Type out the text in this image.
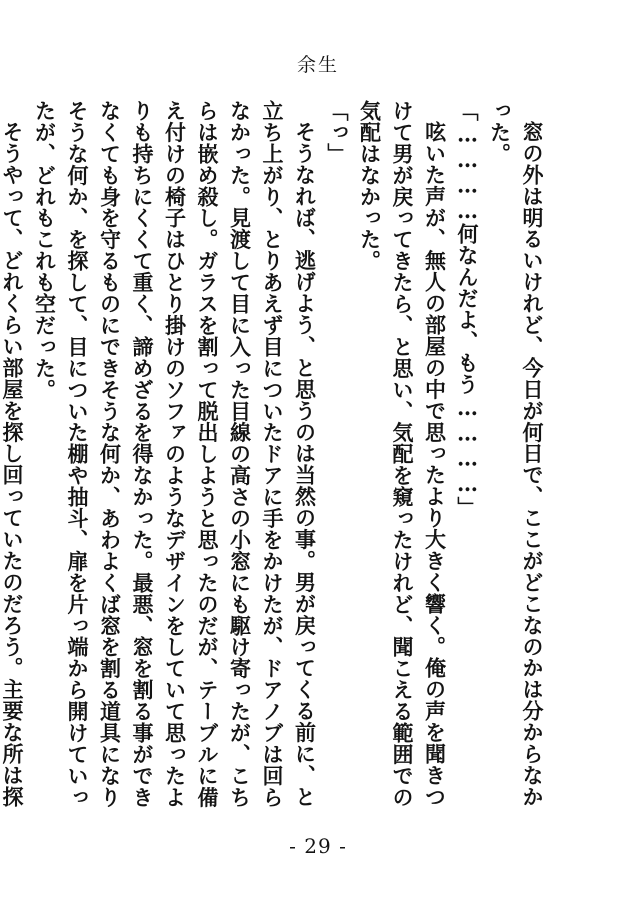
余生

窓の外は明るいけれど、今日が何日で、ここがどこなのかは分からなかった。

「…………何なんだよ、もう…………」

呟いた声が、無人の部屋の中で思ったより大きく響く。俺の声を聞きつけて男が戻ってきたら、と思い、気配を窺ったけれど、聞こえる範囲での気配はなかった。

「っ」

そうなれば、逃げよう、と思うのは当然の事。男が戻ってくる前に、と立ち上がり、とりあえず目についたドアに手をかけたが、ドアノブは回らなかった。見渡して目に入った目線の高さの小窓にも駆け寄ったが、こちらは嵌め殺し。ガラスを割って脱出しようと思ったのだが、テーブルに備え付けの椅子はひとり掛けのソファのようなデザインをしていて思ったよりも持ちにくくて重く、諦めざるを得なかった。最悪、窓を割る事ができなくても身を守るものにできそうな何か、あわよくば窓を割る道具になりそうな何か、を探して、目についた棚や抽斗、扉を片っ端から開けていったが、どれもこれも空だった。

そうやって、どれくらい部屋を探し回っていたのだろう。主要な所は探

- 29 -
